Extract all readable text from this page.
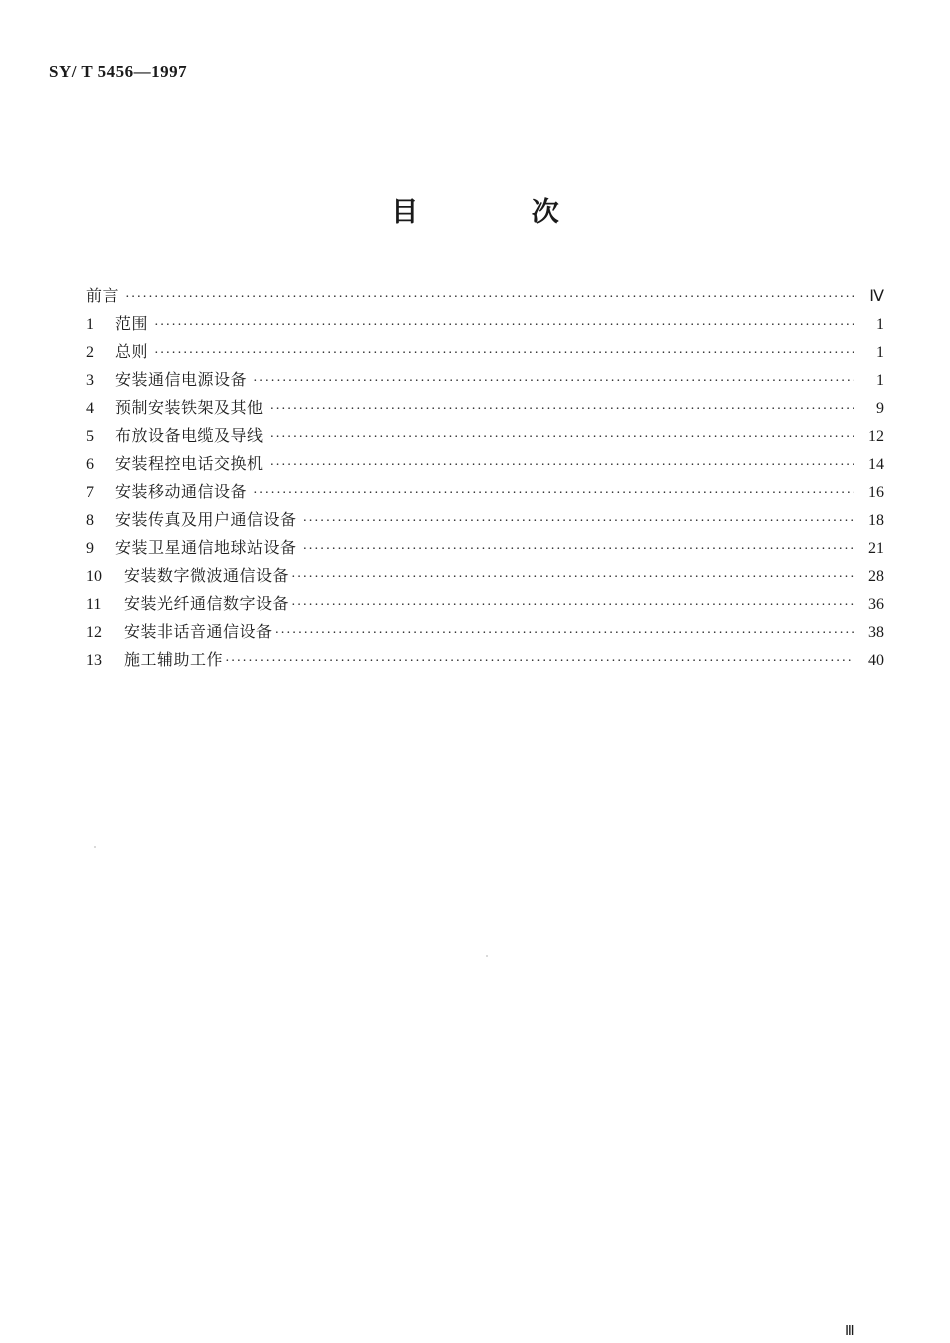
SY/ T 5456—1997
目 次
前言 ·····	Ⅳ
1	范围 ·····	1
2	总则 ·····	1
3	安装通信电源设备 ·····	1
4	预制安装铁架及其他 ·····	9
5	布放设备电缆及导线 ·····	12
6	安装程控电话交换机 ·····	14
7	安装移动通信设备 ·····	16
8	安装传真及用户通信设备 ·····	18
9	安装卫星通信地球站设备 ·····	21
10	安装数字微波通信设备 ·····	28
11	安装光纤通信数字设备 ·····	36
12	安装非话音通信设备 ·····	38
13	施工辅助工作 ·····	40
Ⅲ
